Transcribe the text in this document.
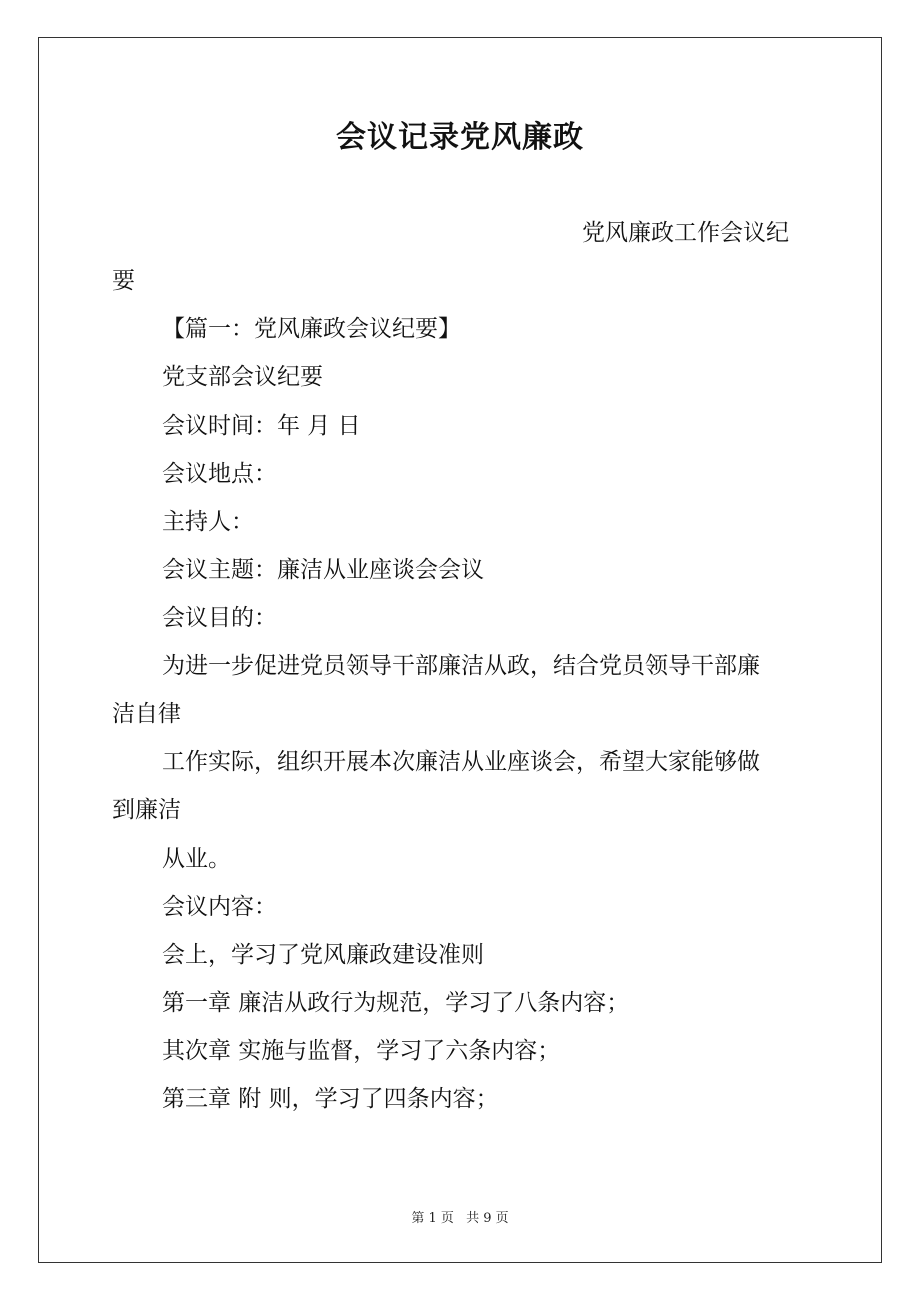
会议记录党风廉政
党风廉政工作会议纪
要
【篇一：党风廉政会议纪要】
党支部会议纪要
会议时间：年 月 日
会议地点：
主持人：
会议主题：廉洁从业座谈会会议
会议目的：
为进一步促进党员领导干部廉洁从政，结合党员领导干部廉
洁自律
工作实际，组织开展本次廉洁从业座谈会，希望大家能够做
到廉洁
从业。
会议内容：
会上，学习了党风廉政建设准则
第一章 廉洁从政行为规范，学习了八条内容；
其次章 实施与监督，学习了六条内容；
第三章 附 则，学习了四条内容；
第 1 页 共 9 页
